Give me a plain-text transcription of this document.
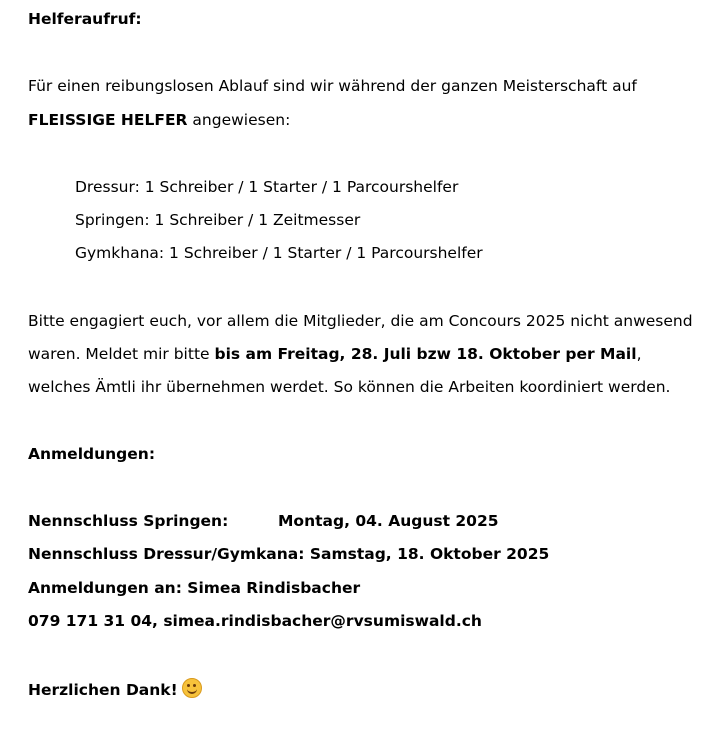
Helferaufruf:
Für einen reibungslosen Ablauf sind wir während der ganzen Meisterschaft auf
FLEISSIGE HELFER angewiesen:
Dressur: 1 Schreiber / 1 Starter / 1 Parcourshelfer
Springen: 1 Schreiber / 1 Zeitmesser
Gymkhana: 1 Schreiber / 1 Starter / 1 Parcourshelfer
Bitte engagiert euch, vor allem die Mitglieder, die am Concours 2025 nicht anwesend
waren. Meldet mir bitte bis am Freitag, 28. Juli bzw 18. Oktober per Mail,
welches Ämtli ihr übernehmen werdet. So können die Arbeiten koordiniert werden.
Anmeldungen:
Nennschluss Springen:	Montag, 04. August 2025
Nennschluss Dressur/Gymkana: Samstag, 18. Oktober 2025
Anmeldungen an: Simea Rindisbacher
079 171 31 04, simea.rindisbacher@rvsumiswald.ch
Herzlichen Dank!
